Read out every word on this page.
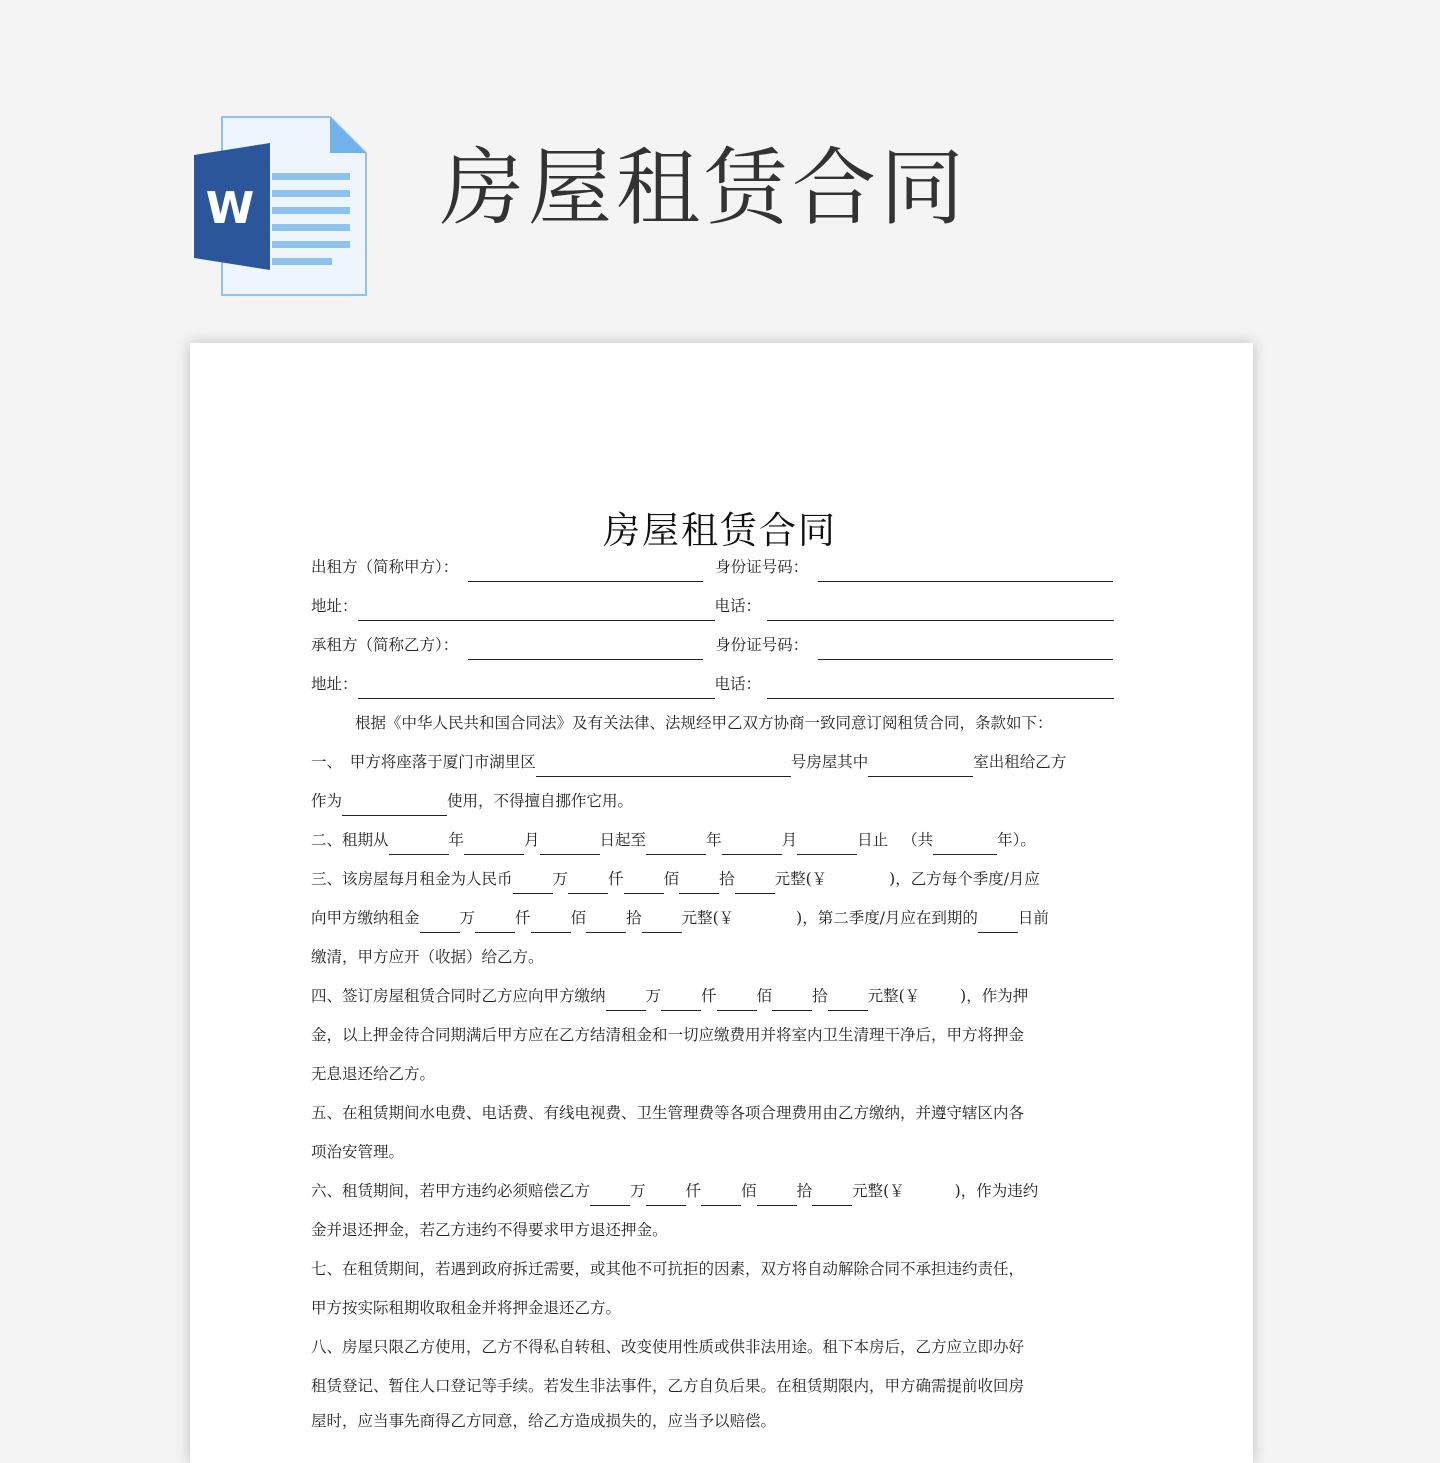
W 房屋租赁合同
房屋租赁合同
出租方（简称甲方）：	身份证号码：
地址：	电话：
承租方（简称乙方）：	身份证号码：
地址：	电话：
根据《中华人民共和国合同法》及有关法律、法规经甲乙双方协商一致同意订阅租赁合同，条款如下：
一、　甲方将座落于厦门市湖里区	号房屋其中	室出租给乙方
作为	使用，不得擅自挪作它用。
二、租期从	年	月	日起至	年	月	日止 （共	年）。
三、该房屋每月租金为人民币	万	仟	佰	拾	元整(￥	)，乙方每个季度/月应
向甲方缴纳租金	万	仟	佰	拾	元整(￥	)，第二季度/月应在到期的	日前
缴清，甲方应开（收据）给乙方。
四、签订房屋租赁合同时乙方应向甲方缴纳	万	仟	佰	拾	元整(￥	)，作为押
金，以上押金待合同期满后甲方应在乙方结清租金和一切应缴费用并将室内卫生清理干净后，甲方将押金
无息退还给乙方。
五、在租赁期间水电费、电话费、有线电视费、卫生管理费等各项合理费用由乙方缴纳，并遵守辖区内各
项治安管理。
六、租赁期间，若甲方违约必须赔偿乙方	万	仟	佰	拾	元整(￥	)，作为违约
金并退还押金，若乙方违约不得要求甲方退还押金。
七、在租赁期间，若遇到政府拆迁需要，或其他不可抗拒的因素，双方将自动解除合同不承担违约责任，
甲方按实际租期收取租金并将押金退还乙方。
八、房屋只限乙方使用，乙方不得私自转租、改变使用性质或供非法用途。租下本房后，乙方应立即办好
租赁登记、暂住人口登记等手续。若发生非法事件，乙方自负后果。在租赁期限内，甲方确需提前收回房
屋时，应当事先商得乙方同意，给乙方造成损失的，应当予以赔偿。
